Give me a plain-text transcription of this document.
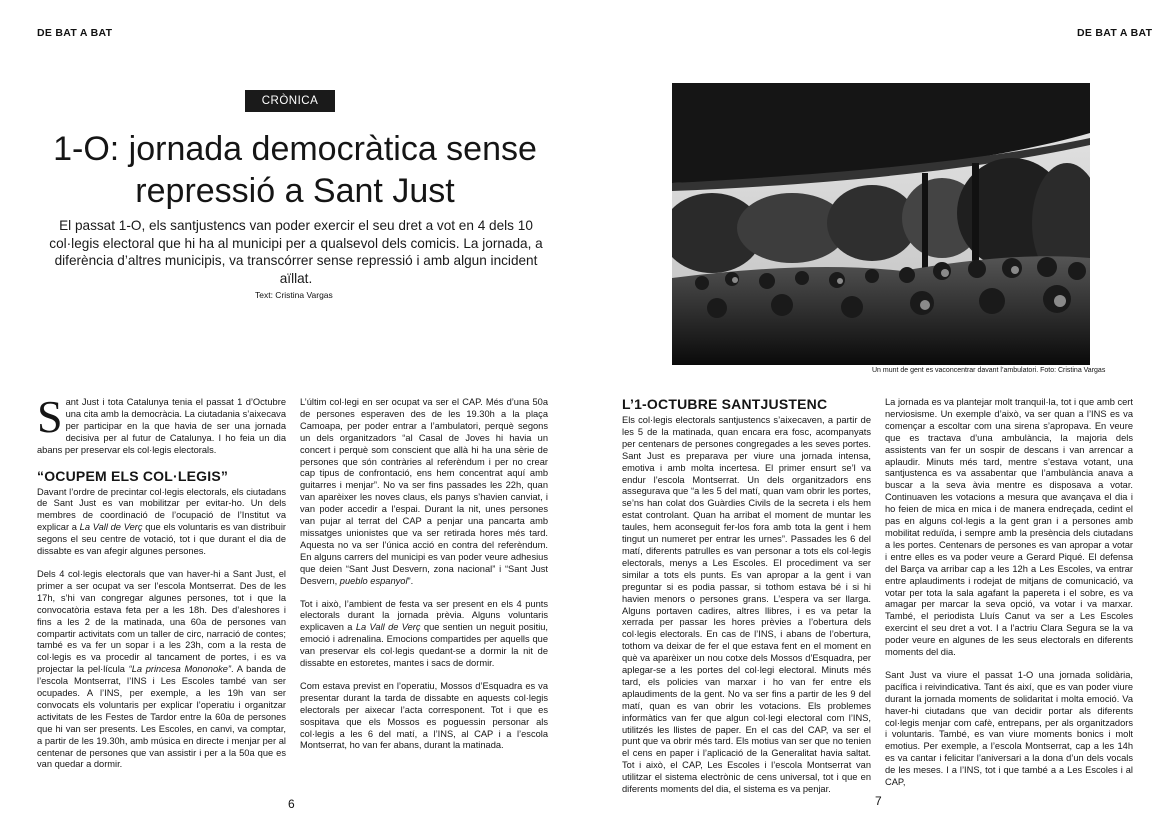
DE BAT A BAT
CRÒNICA
1-O: jornada democràtica sense
repressió a Sant Just
El passat 1-O, els santjustencs van poder exercir el seu dret a vot en 4 dels 10 col·legis electoral que hi ha al municipi per a qualsevol dels comicis. La jornada, a diferència d’altres municipis, va transcórrer sense repressió i amb algun incident aïllat.
Text: Cristina Vargas

Sant Just i tota Catalunya tenia el passat 1 d’Octubre una cita amb la democràcia. La ciutadania s’aixecava per participar en la que havia de ser una jornada decisiva per al futur de Catalunya. I ho feia un dia abans per preservar els col·legis electorals.

“OCUPEM ELS COL·LEGIS”

Davant l’ordre de precintar col·legis electorals, els ciutadans de Sant Just es van mobilitzar per evitar-ho. Un dels membres de coordinació de l’ocupació de l’Institut va explicar a La Vall de Verç que els voluntaris es van distribuir segons el seu centre de votació, tot i que durant el dia de dissabte es van afegir algunes persones.

Dels 4 col·legis electorals que van haver-hi a Sant Just, el primer a ser ocupat va ser l’escola Montserrat. Des de les 17h, s’hi van congregar algunes persones, tot i que la convocatòria estava feta per a les 18h. Des d’aleshores i fins a les 2 de la matinada, una 60a de persones van compartir activitats com un taller de circ, narració de contes; també es va fer un sopar i a les 23h, com a la resta de col·legis es va procedir al tancament de portes, i es va projectar la pel·lícula “La princesa Mononoke”. A banda de l’escola Montserrat, l’INS i Les Escoles també van ser ocupades. A l’INS, per exemple, a les 19h van ser convocats els voluntaris per explicar l’operatiu i organitzar activitats de les Festes de Tardor entre la 60a de persones que hi van ser presents. Les Escoles, en canvi, va comptar, a partir de les 19.30h, amb música en directe i menjar per al centenar de persones que van assistir i per a la 50a que es van quedar a dormir.

L’últim col·legi en ser ocupat va ser el CAP. Més d’una 50a de persones esperaven des de les 19.30h a la plaça Camoapa, per poder entrar a l’ambulatori, perquè segons un dels organitzadors “al Casal de Joves hi havia un concert i perquè som conscient que allà hi ha una sèrie de persones que són contràries al referèndum i per no crear cap tipus de confrontació, ens hem concentrat aquí amb guitarres i menjar”. No va ser fins passades les 22h, quan van aparèixer les noves claus, els panys s’havien canviat, i van poder accedir a l’espai. Durant la nit, unes persones van pujar al terrat del CAP a penjar una pancarta amb missatges unionistes que va ser retirada hores més tard. Aquesta no va ser l’única acció en contra del referèndum. En alguns carrers del municipi es van poder veure adhesius que deien “Sant Just Desvern, zona nacional” i “Sant Just Desvern, pueblo espanyol”.

Tot i això, l’ambient de festa va ser present en els 4 punts electorals durant la jornada prèvia. Alguns voluntaris explicaven a La Vall de Verç que sentien un neguit positiu, emoció i adrenalina. Emocions compartides per aquells que van preservar els col·legis quedant-se a dormir la nit de dissabte en estoretes, mantes i sacs de dormir.

Com estava previst en l’operatiu, Mossos d’Esquadra es va presentar durant la tarda de dissabte en aquests col·legis electorals per aixecar l’acta corresponent. Tot i que es sospitava que els Mossos es poguessin personar als col·legis a les 6 del matí, a l’INS, al CAP i a l’escola Montserrat, ho van fer abans, durant la matinada.

6
DE BAT A BAT
Un munt de gent es vaconcentrar davant l’ambulatori. Foto: Cristina Vargas
L’1-OCTUBRE SANTJUSTENC

Els col·legis electorals santjustencs s’aixecaven, a partir de les 5 de la matinada, quan encara era fosc, acompanyats per centenars de persones congregades a les seves portes. Sant Just es preparava per viure una jornada intensa, emotiva i amb molta incertesa. El primer ensurt se’l va endur l’escola Montserrat. Un dels organitzadors ens assegurava que “a les 5 del matí, quan vam obrir les portes, se’ns han colat dos Guàrdies Civils de la secreta i els hem estat controlant. Quan ha arribat el moment de muntar les taules, hem aconseguit fer-los fora amb tota la gent i hem tingut un numeret per entrar les urnes”. Passades les 6 del matí, diferents patrulles es van personar a tots els col·legis electorals, menys a Les Escoles. El procediment va ser similar a tots els punts. Es van apropar a la gent i van preguntar si es podia passar, si tothom estava bé i si hi havien menors o persones grans. L’espera va ser llarga. Alguns portaven cadires, altres llibres, i es va petar la xerrada per passar les hores prèvies a l’obertura dels col·legis electorals. En cas de l’INS, i abans de l’obertura, tothom va deixar de fer el que estava fent en el moment en què va aparèixer un nou cotxe dels Mossos d’Esquadra, per aplegar-se a les portes del col·legi electoral. Minuts més tard, els policies van marxar i ho van fer entre els aplaudiments de la gent. No va ser fins a partir de les 9 del matí, quan es van obrir les votacions. Els problemes informàtics van fer que algun col·legi electoral com l’INS, utilitzés les llistes de paper. En el cas del CAP, va ser el punt que va obrir més tard. Els motius van ser que no tenien el cens en paper i l’aplicació de la Generalitat havia saltat. Tot i això, el CAP, Les Escoles i l’escola Montserrat van utilitzar el sistema electrònic de cens universal, tot i que en diferents moments del dia, el sistema es va penjar.

La jornada es va plantejar molt tranquil·la, tot i que amb cert nerviosisme. Un exemple d’això, va ser quan a l’INS es va començar a escoltar com una sirena s’apropava. En veure que es tractava d’una ambulància, la majoria dels assistents van fer un sospir de descans i van arrencar a aplaudir. Minuts més tard, mentre s’estava votant, una santjustenca es va assabentar que l’ambulància anava a buscar a la seva àvia mentre es disposava a votar. Continuaven les votacions a mesura que avançava el dia i ho feien de mica en mica i de manera endreçada, cedint el pas en alguns col·legis a la gent gran i a persones amb mobilitat reduïda, i sempre amb la presència dels ciutadans a les portes. Centenars de persones es van apropar a votar i entre elles es va poder veure a Gerard Piqué. El defensa del Barça va arribar cap a les 12h a Les Escoles, va entrar entre aplaudiments i rodejat de mitjans de comunicació, va votar per tota la sala agafant la papereta i el sobre, es va amagar per marcar la seva opció, va votar i va marxar. També, el periodista Lluís Canut va ser a Les Escoles exercint el seu dret a vot. I a l’actriu Clara Segura se la va poder veure en algunes de les seus electorals en diferents moments del dia.

Sant Just va viure el passat 1-O una jornada solidària, pacífica i reivindicativa. Tant és així, que es van poder viure durant la jornada moments de solidaritat i molta emoció. Va haver-hi ciutadans que van decidir portar als diferents col·legis menjar com cafè, entrepans, per als organitzadors i voluntaris. També, es van viure moments bonics i molt emotius. Per exemple, a l’escola Montserrat, cap a les 14h es va cantar i felicitar l’aniversari a la dona d’un dels vocals de les meses. I a l’INS, tot i que també a a Les Escoles i al CAP,

7
